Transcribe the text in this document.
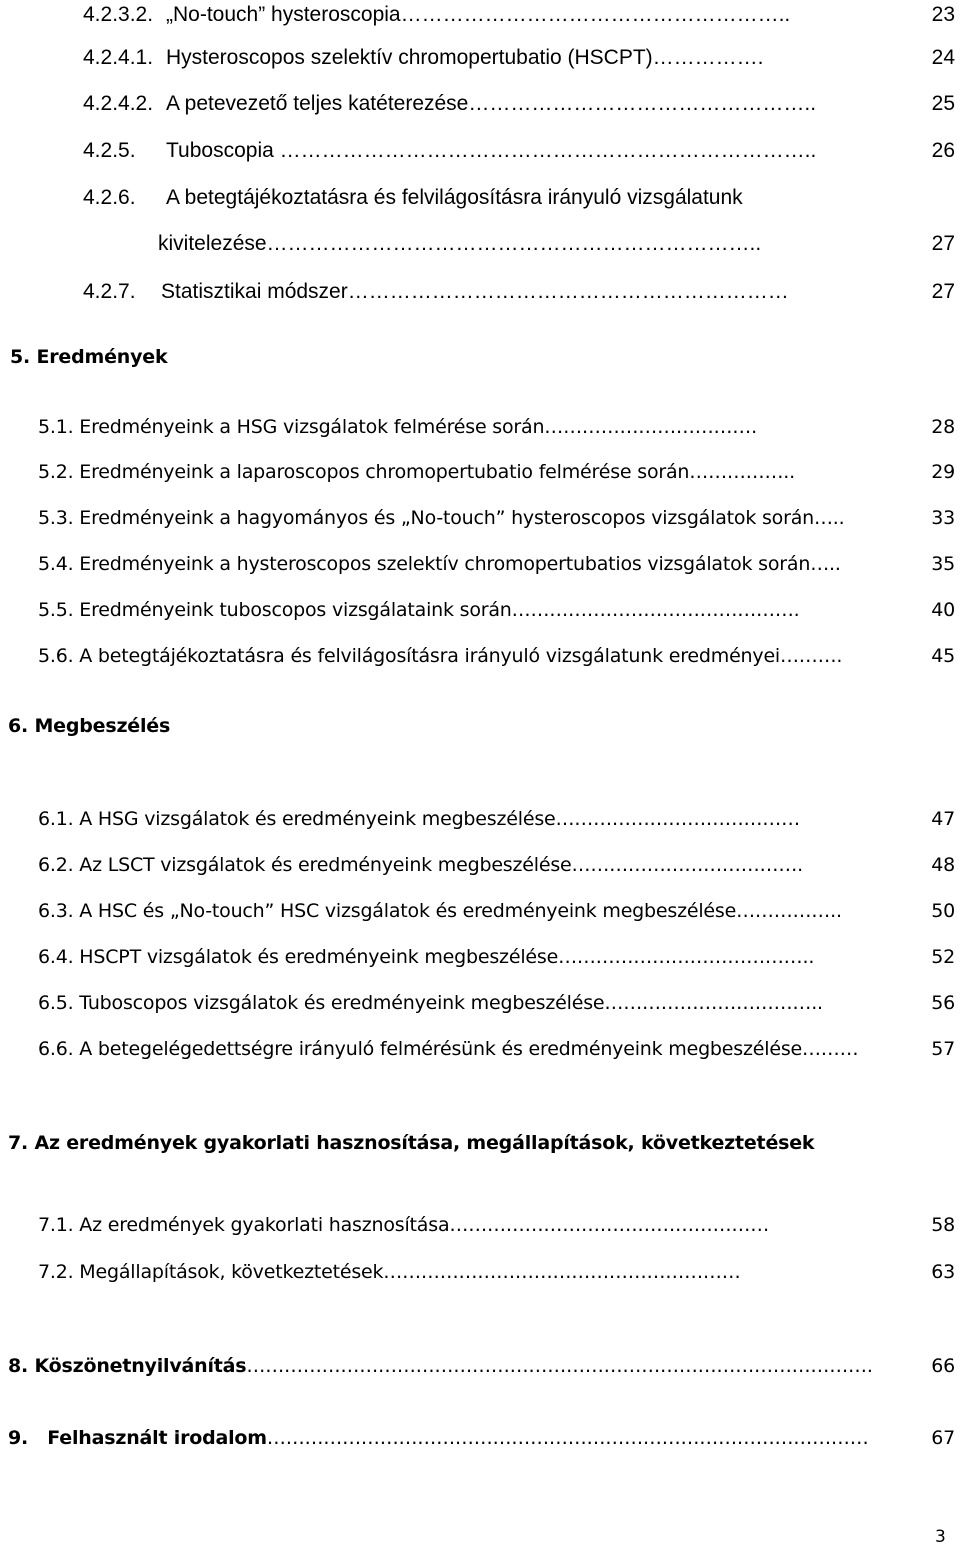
4.2.3.2. „No-touch” hysteroscopia………………………………………………..	23
4.2.4.1. Hysteroscopos szelektív chromopertubatio (HSCPT)…………….	24
4.2.4.2. A petevezető teljes katéterezése…………………………………………..	25
4.2.5. Tuboscopia …………………………………………………………………..	26
4.2.6. A betegtájékoztatásra és felvilágosításra irányuló vizsgálatunk
kivitelezése……………………………………………………………..	27
4.2.7. Statisztikai módszer………………………………………………………	27
5. Eredmények
5.1. Eredményeink a HSG vizsgálatok felmérése során…………………………….	28
5.2. Eredményeink a laparoscopos chromopertubatio felmérése során……………..	29
5.3. Eredményeink a hagyományos és „No-touch” hysteroscopos vizsgálatok során…..	33
5.4. Eredményeink a hysteroscopos szelektív chromopertubatios vizsgálatok során…..	35
5.5. Eredményeink tuboscopos vizsgálataink során……………………………………….	40
5.6. A betegtájékoztatásra és felvilágosításra irányuló vizsgálatunk eredményei……….	45
6. Megbeszélés
6.1. A HSG vizsgálatok és eredményeink megbeszélése…………………………………	47
6.2. Az LSCT vizsgálatok és eredményeink megbeszélése……………………………….	48
6.3. A HSC és „No-touch” HSC vizsgálatok és eredményeink megbeszélése……………..	50
6.4. HSCPT vizsgálatok és eredményeink megbeszélése…………………………………..	52
6.5. Tuboscopos vizsgálatok és eredményeink megbeszélése……………………………..	56
6.6. A betegelégedettségre irányuló felmérésünk és eredményeink megbeszélése………	57
7. Az eredmények gyakorlati hasznosítása, megállapítások, következtetések
7.1. Az eredmények gyakorlati hasznosítása……………………………………………	58
7.2. Megállapítások, következtetések…………………………………………………	63
8. Köszönetnyilvánítás……………………………………………………………………………………….	66
9.   Felhasznált irodalom……………………………………………………………………………………	67
3
